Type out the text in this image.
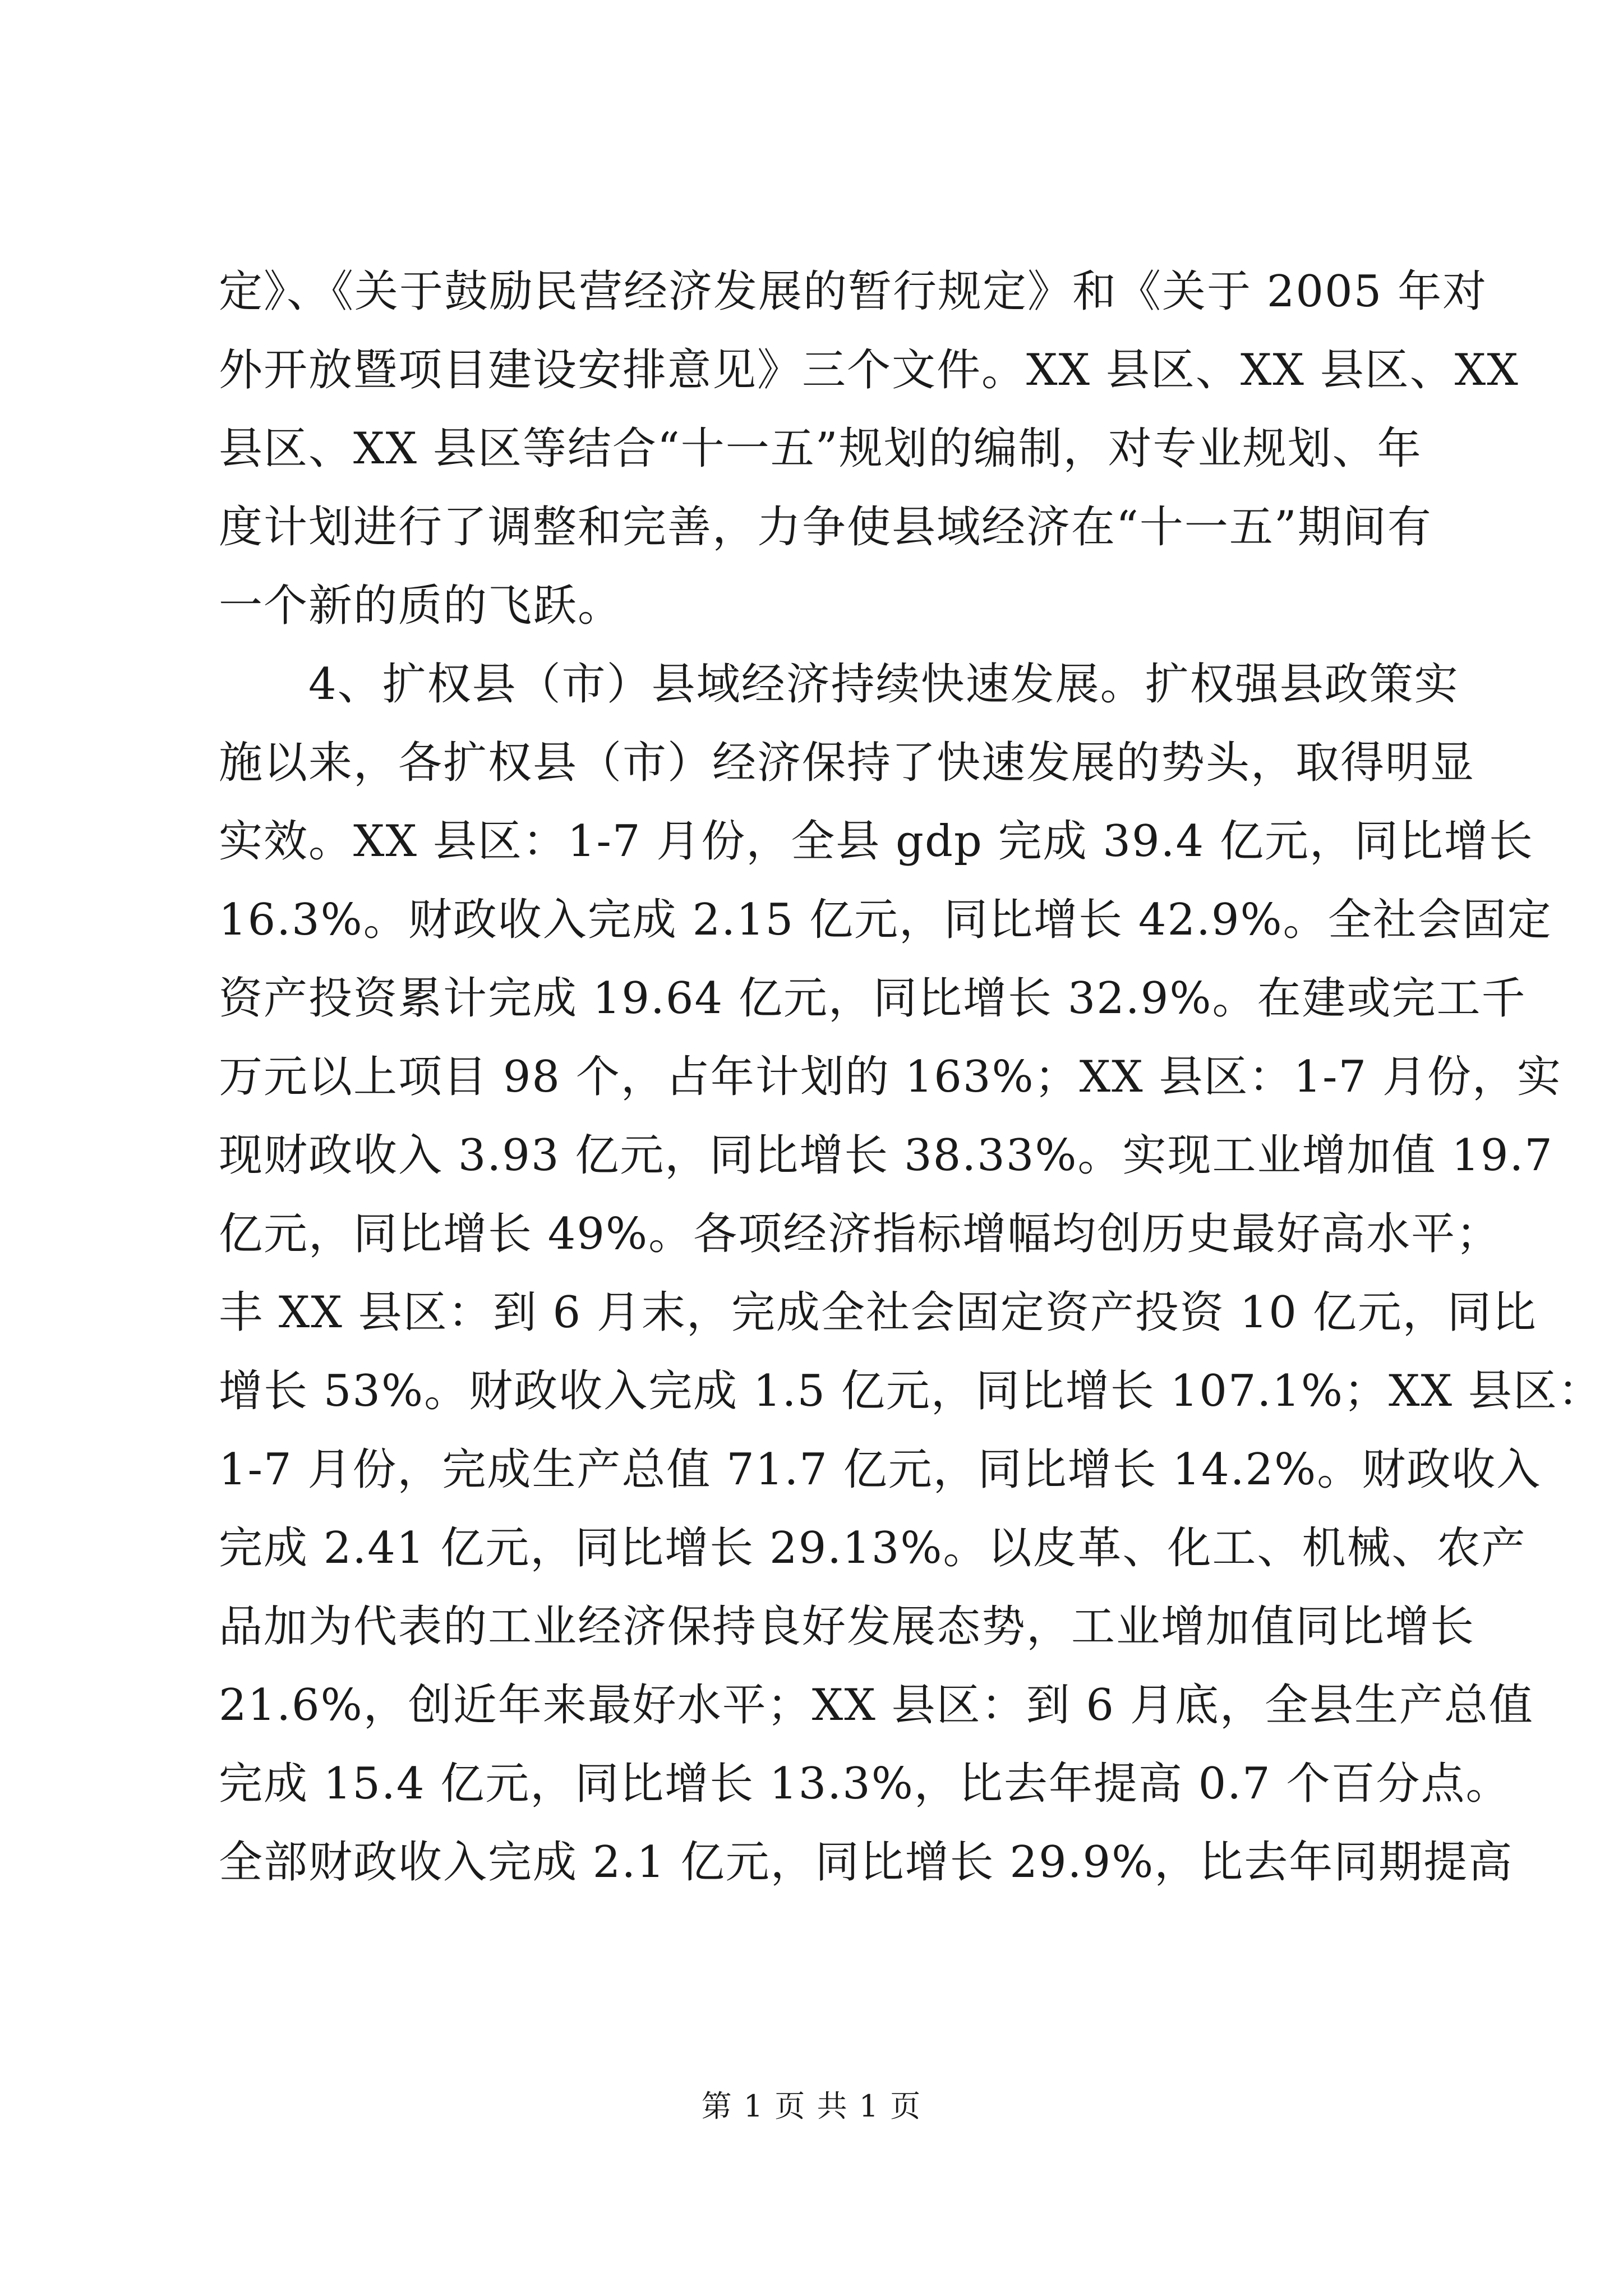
定》、《关于鼓励民营经济发展的暂行规定》和《关于 2005 年对
外开放暨项目建设安排意见》三个文件。XX 县区、XX 县区、XX
县区、XX 县区等结合“十一五”规划的编制，对专业规划、年
度计划进行了调整和完善，力争使县域经济在“十一五”期间有
一个新的质的飞跃。
4、扩权县（市）县域经济持续快速发展。扩权强县政策实
施以来，各扩权县（市）经济保持了快速发展的势头，取得明显
实效。XX 县区：1-7 月份，全县 gdp 完成 39.4 亿元，同比增长
16.3%。财政收入完成 2.15 亿元，同比增长 42.9%。全社会固定
资产投资累计完成 19.64 亿元，同比增长 32.9%。在建或完工千
万元以上项目 98 个，占年计划的 163%；XX 县区：1-7 月份，实
现财政收入 3.93 亿元，同比增长 38.33%。实现工业增加值 19.7
亿元，同比增长 49%。各项经济指标增幅均创历史最好高水平；
丰 XX 县区：到 6 月末，完成全社会固定资产投资 10 亿元，同比
增长 53%。财政收入完成 1.5 亿元，同比增长 107.1%；XX 县区：
1-7 月份，完成生产总值 71.7 亿元，同比增长 14.2%。财政收入
完成 2.41 亿元，同比增长 29.13%。以皮革、化工、机械、农产
品加为代表的工业经济保持良好发展态势，工业增加值同比增长
21.6%，创近年来最好水平；XX 县区：到 6 月底，全县生产总值
完成 15.4 亿元，同比增长 13.3%，比去年提高 0.7 个百分点。
全部财政收入完成 2.1 亿元，同比增长 29.9%，比去年同期提高
第 1 页 共 1 页
